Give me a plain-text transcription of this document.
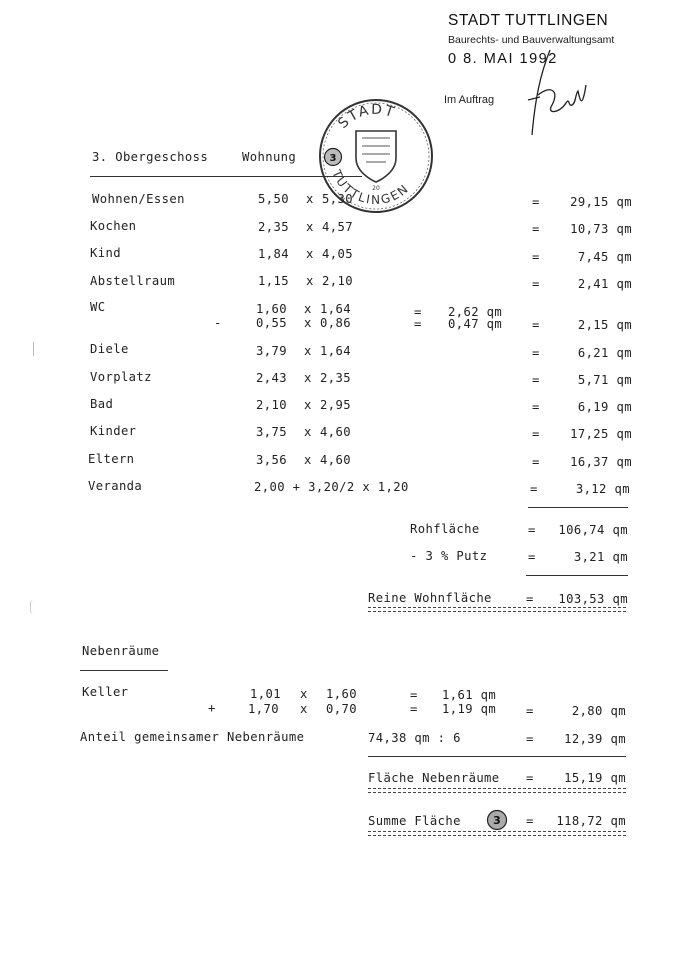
STADT TUTTLINGEN
Baurechts- und Bauverwaltungsamt
0 8. MAI 1992
Im Auftrag
STADT
TUTTLINGEN
20
3. Obergeschoss	Wohnung	3
Wohnen/Essen	5,50 x 5,30	=	29,15 qm
Kochen	2,35 x 4,57	=	10,73 qm
Kind	1,84 x 4,05	=	7,45 qm
Abstellraum	1,15 x 2,10	=	2,41 qm
WC	1,60 x 1,64	= 2,62 qm
-	0,55 x 0,86	= 0,47 qm =	2,15 qm
Diele	3,79 x 1,64	=	6,21 qm
Vorplatz	2,43 x 2,35	=	5,71 qm
Bad	2,10 x 2,95	=	6,19 qm
Kinder	3,75 x 4,60	=	17,25 qm
Eltern	3,56 x 4,60	=	16,37 qm
Veranda	2,00 + 3,20/2 x 1,20	=	3,12 qm
Rohfläche	=	106,74 qm
- 3 % Putz	=	3,21 qm
Reine Wohnfläche	=	103,53 qm
Nebenräume
Keller	1,01 x 1,60	= 1,61 qm
+	1,70 x 0,70	= 1,19 qm =	2,80 qm
Anteil gemeinsamer Nebenräume	74,38 qm : 6	=	12,39 qm
Fläche Nebenräume =	15,19 qm
Summe Fläche	3 =	118,72 qm
